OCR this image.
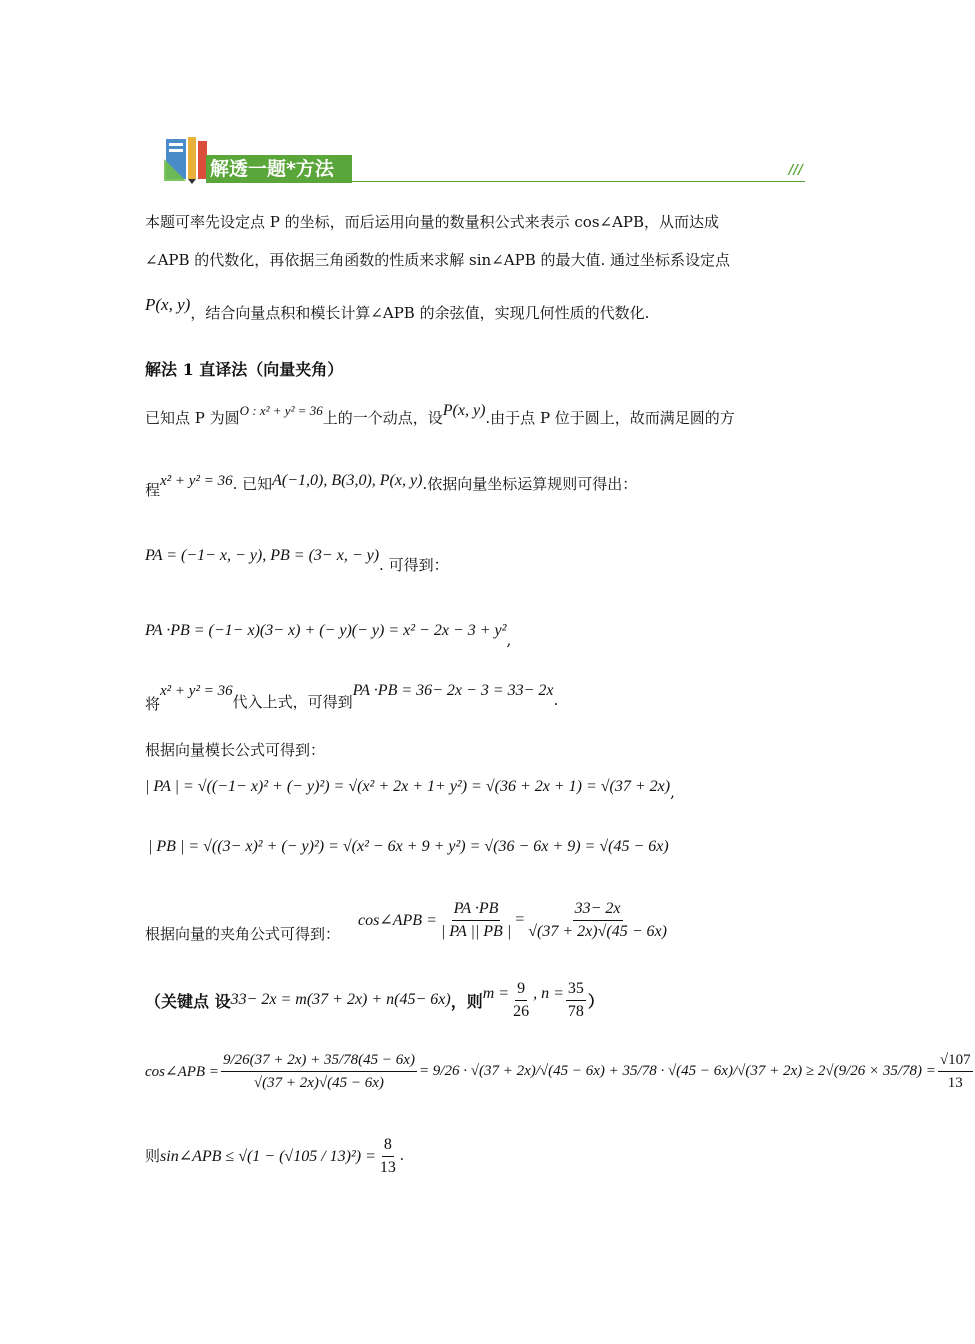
解透一题*方法	///
本题可率先设定点 P 的坐标，而后运用向量的数量积公式来表示 cos∠APB，从而达成
∠APB 的代数化，再依据三角函数的性质来求解 sin∠APB 的最大值. 通过坐标系设定点
P(x, y)，结合向量点积和模长计算∠APB 的余弦值，实现几何性质的代数化.
解法 1 直译法（向量夹角）
已知点 P 为圆O : x² + y² = 36上的一个动点，设P(x, y).由于点 P 位于圆上，故而满足圆的方
程x² + y² = 36. 已知A(−1,0), B(3,0), P(x, y).依据向量坐标运算规则可得出：
PA = (−1− x, − y), PB = (3− x, − y). 可得到：
PA ·PB = (−1− x)(3− x) + (− y)(− y) = x² − 2x − 3 + y²,
将x² + y² = 36代入上式，可得到PA ·PB = 36− 2x − 3 = 33− 2x.
根据向量模长公式可得到：
| PA | = √((−1− x)² + (− y)²) = √(x² + 2x + 1+ y²) = √(36 + 2x + 1) = √(37 + 2x),
| PB | = √((3− x)² + (− y)²) = √(x² − 6x + 9 + y²) = √(36 − 6x + 9) = √(45 − 6x)
根据向量的夹角公式可得到：
cos∠APB = $\frac{PA \cdot PB}{| PA || PB |} = \frac{33- 2x}{√(37 + 2x)√(45 - 6x)}$
（关键点 设 33− 2x = m(37 + 2x) + n(45− 6x) ，则 $m = \frac{9}{26}$ , $n = \frac{35}{78}$ ）
cos∠APB = $\frac{9/26(37 + 2x) + 35/78(45 - 6x)}{√(37 + 2x)√(45 - 6x)} = 9/26 \cdot √(37 + 2x)/√(45 - 6x) + 35/78 \cdot √(45 - 6x)/√(37 + 2x) \ge 2√(9/26 \times 35/78) = \frac{√107}{13}$
则 sin∠APB ≤ $√(1 - (√105 / 13)^2) = \frac{8}{13}$ .
